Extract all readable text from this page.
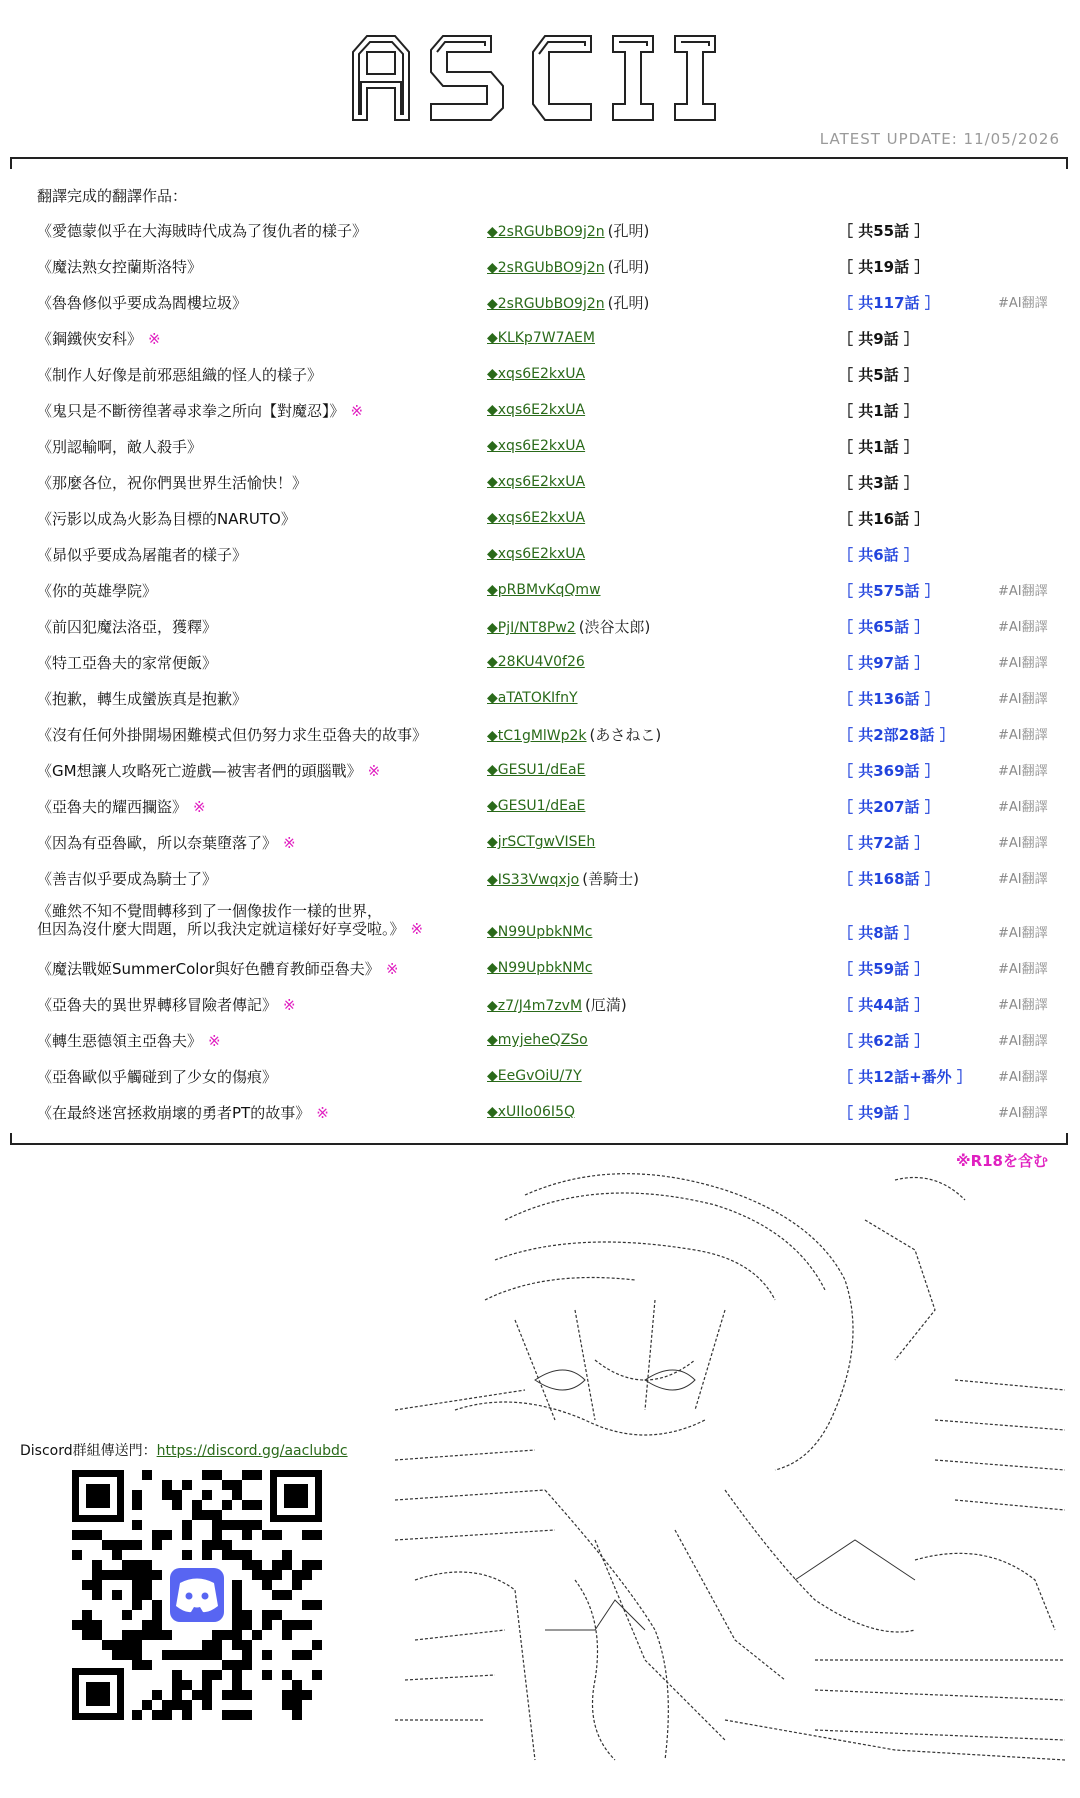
LATEST UPDATE: 11/05/2026
翻譯完成的翻譯作品：
《愛德蒙似乎在大海賊時代成為了復仇者的樣子》	◆2sRGUbBO9j2n (孔明)	［ 共55話 ］
《魔法熟女控蘭斯洛特》	◆2sRGUbBO9j2n (孔明)	［ 共19話 ］
《魯魯修似乎要成為閻樓垃圾》	◆2sRGUbBO9j2n (孔明)	［ 共117話 ］	#AI翻譯
《鋼鐵俠安科》 ※	◆KLKp7W7AEM	［ 共9話 ］
《制作人好像是前邪惡組織的怪人的樣子》	◆xqs6E2kxUA	［ 共5話 ］
《鬼只是不斷徬徨著尋求拳之所向【對魔忍】》 ※	◆xqs6E2kxUA	［ 共1話 ］
《別認輸啊，敵人殺手》	◆xqs6E2kxUA	［ 共1話 ］
《那麼各位，祝你們異世界生活愉快！》	◆xqs6E2kxUA	［ 共3話 ］
《污影以成為火影為目標的NARUTO》	◆xqs6E2kxUA	［ 共16話 ］
《昴似乎要成為屠龍者的樣子》	◆xqs6E2kxUA	［ 共6話 ］
《你的英雄學院》	◆pRBMvKqQmw	［ 共575話 ］	#AI翻譯
《前囚犯魔法洛亞，獲釋》	◆PjI/NT8Pw2 (渋谷太郎)	［ 共65話 ］	#AI翻譯
《特工亞魯夫的家常便飯》	◆28KU4V0f26	［ 共97話 ］	#AI翻譯
《抱歉，轉生成蠻族真是抱歉》	◆aTATOKIfnY	［ 共136話 ］	#AI翻譯
《沒有任何外掛開場困難模式但仍努力求生亞魯夫的故事》	◆tC1gMlWp2k (あさねこ)	［ 共2部28話 ］	#AI翻譯
《GM想讓人攻略死亡遊戲—被害者們的頭腦戰》 ※	◆GESU1/dEaE	［ 共369話 ］	#AI翻譯
《亞魯夫的耀西攔盜》 ※	◆GESU1/dEaE	［ 共207話 ］	#AI翻譯
《因為有亞魯歐，所以奈葉墮落了》 ※	◆jrSCTgwVISEh	［ 共72話 ］	#AI翻譯
《善吉似乎要成為騎士了》	◆IS33Vwqxjo (善騎士)	［ 共168話 ］	#AI翻譯
《雖然不知不覺間轉移到了一個像拔作一樣的世界，
但因為沒什麼大問題，所以我決定就這樣好好享受啦。》 ※	◆N99UpbkNMc	［ 共8話 ］	#AI翻譯
《魔法戰姬SummerColor與好色體育教師亞魯夫》 ※	◆N99UpbkNMc	［ 共59話 ］	#AI翻譯
《亞魯夫的異世界轉移冒險者傳記》 ※	◆z7/J4m7zvM (厄満)	［ 共44話 ］	#AI翻譯
《轉生惡德領主亞魯夫》 ※	◆myjeheQZSo	［ 共62話 ］	#AI翻譯
《亞魯歐似乎觸碰到了少女的傷痕》	◆EeGvOiU/7Y	［ 共12話+番外 ］ #AI翻譯
《在最終迷宮拯救崩壞的勇者PT的故事》 ※	◆xUIIo06I5Q	［ 共9話 ］	#AI翻譯
※R18を含む
Discord群組傳送門：https://discord.gg/aaclubdc
